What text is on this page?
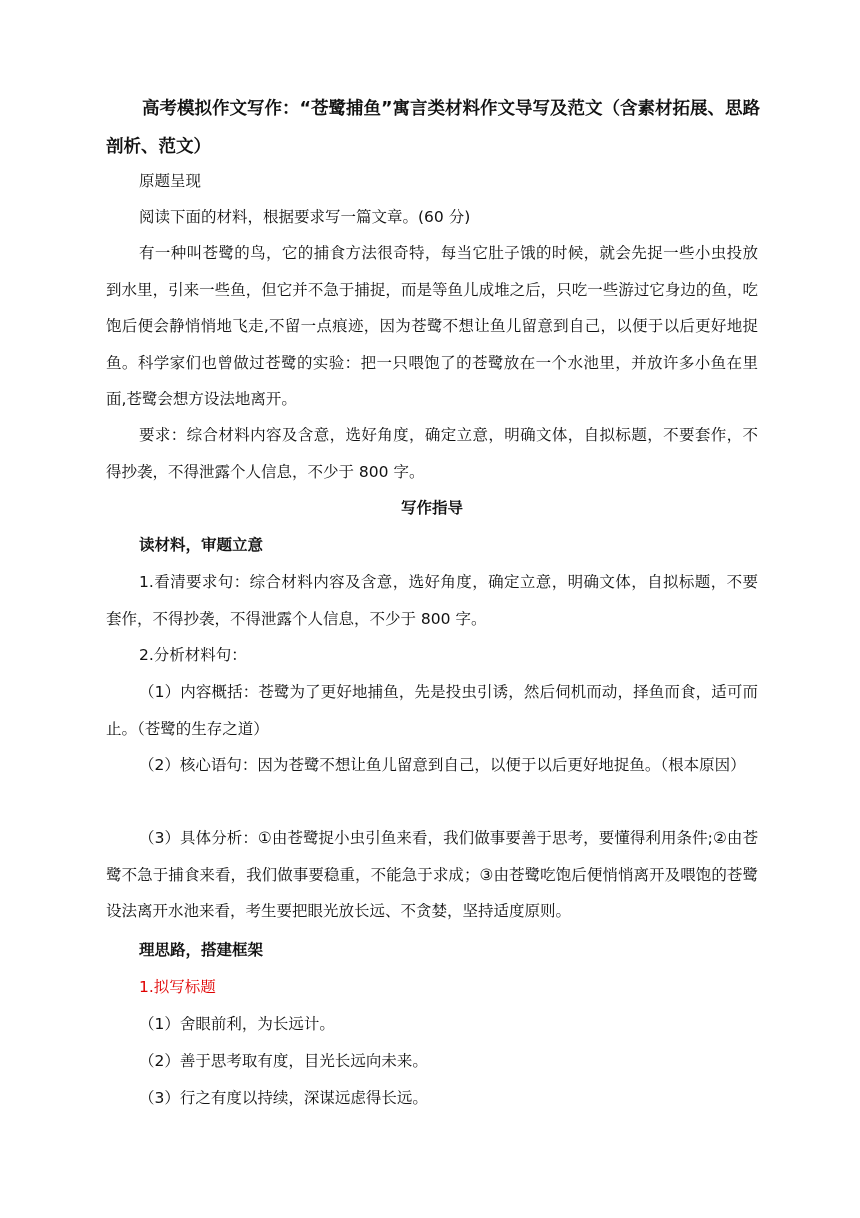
高考模拟作文写作：“苍鹭捕鱼”寓言类材料作文导写及范文（含素材拓展、思路剖析、范文）

原题呈现

阅读下面的材料，根据要求写一篇文章。(60 分)

有一种叫苍鹭的鸟，它的捕食方法很奇特，每当它肚子饿的时候，就会先捉一些小虫投放到水里，引来一些鱼，但它并不急于捕捉，而是等鱼儿成堆之后，只吃一些游过它身边的鱼，吃饱后便会静悄悄地飞走,不留一点痕迹，因为苍鹭不想让鱼儿留意到自己，以便于以后更好地捉鱼。科学家们也曾做过苍鹭的实验：把一只喂饱了的苍鹭放在一个水池里，并放许多小鱼在里面,苍鹭会想方设法地离开。

要求：综合材料内容及含意，选好角度，确定立意，明确文体，自拟标题，不要套作，不得抄袭，不得泄露个人信息，不少于 800 字。

写作指导

读材料，审题立意

1.看清要求句：综合材料内容及含意，选好角度，确定立意，明确文体，自拟标题，不要套作，不得抄袭，不得泄露个人信息，不少于 800 字。

2.分析材料句：

（1）内容概括：苍鹭为了更好地捕鱼，先是投虫引诱，然后伺机而动，择鱼而食，适可而止。（苍鹭的生存之道）

（2）核心语句：因为苍鹭不想让鱼儿留意到自己，以便于以后更好地捉鱼。（根本原因）

（3）具体分析：①由苍鹭捉小虫引鱼来看，我们做事要善于思考，要懂得利用条件;②由苍鹭不急于捕食来看，我们做事要稳重，不能急于求成；③由苍鹭吃饱后便悄悄离开及喂饱的苍鹭设法离开水池来看，考生要把眼光放长远、不贪婪，坚持适度原则。

理思路，搭建框架

1.拟写标题

（1）舍眼前利，为长远计。

（2）善于思考取有度，目光长远向未来。

（3）行之有度以持续，深谋远虑得长远。
